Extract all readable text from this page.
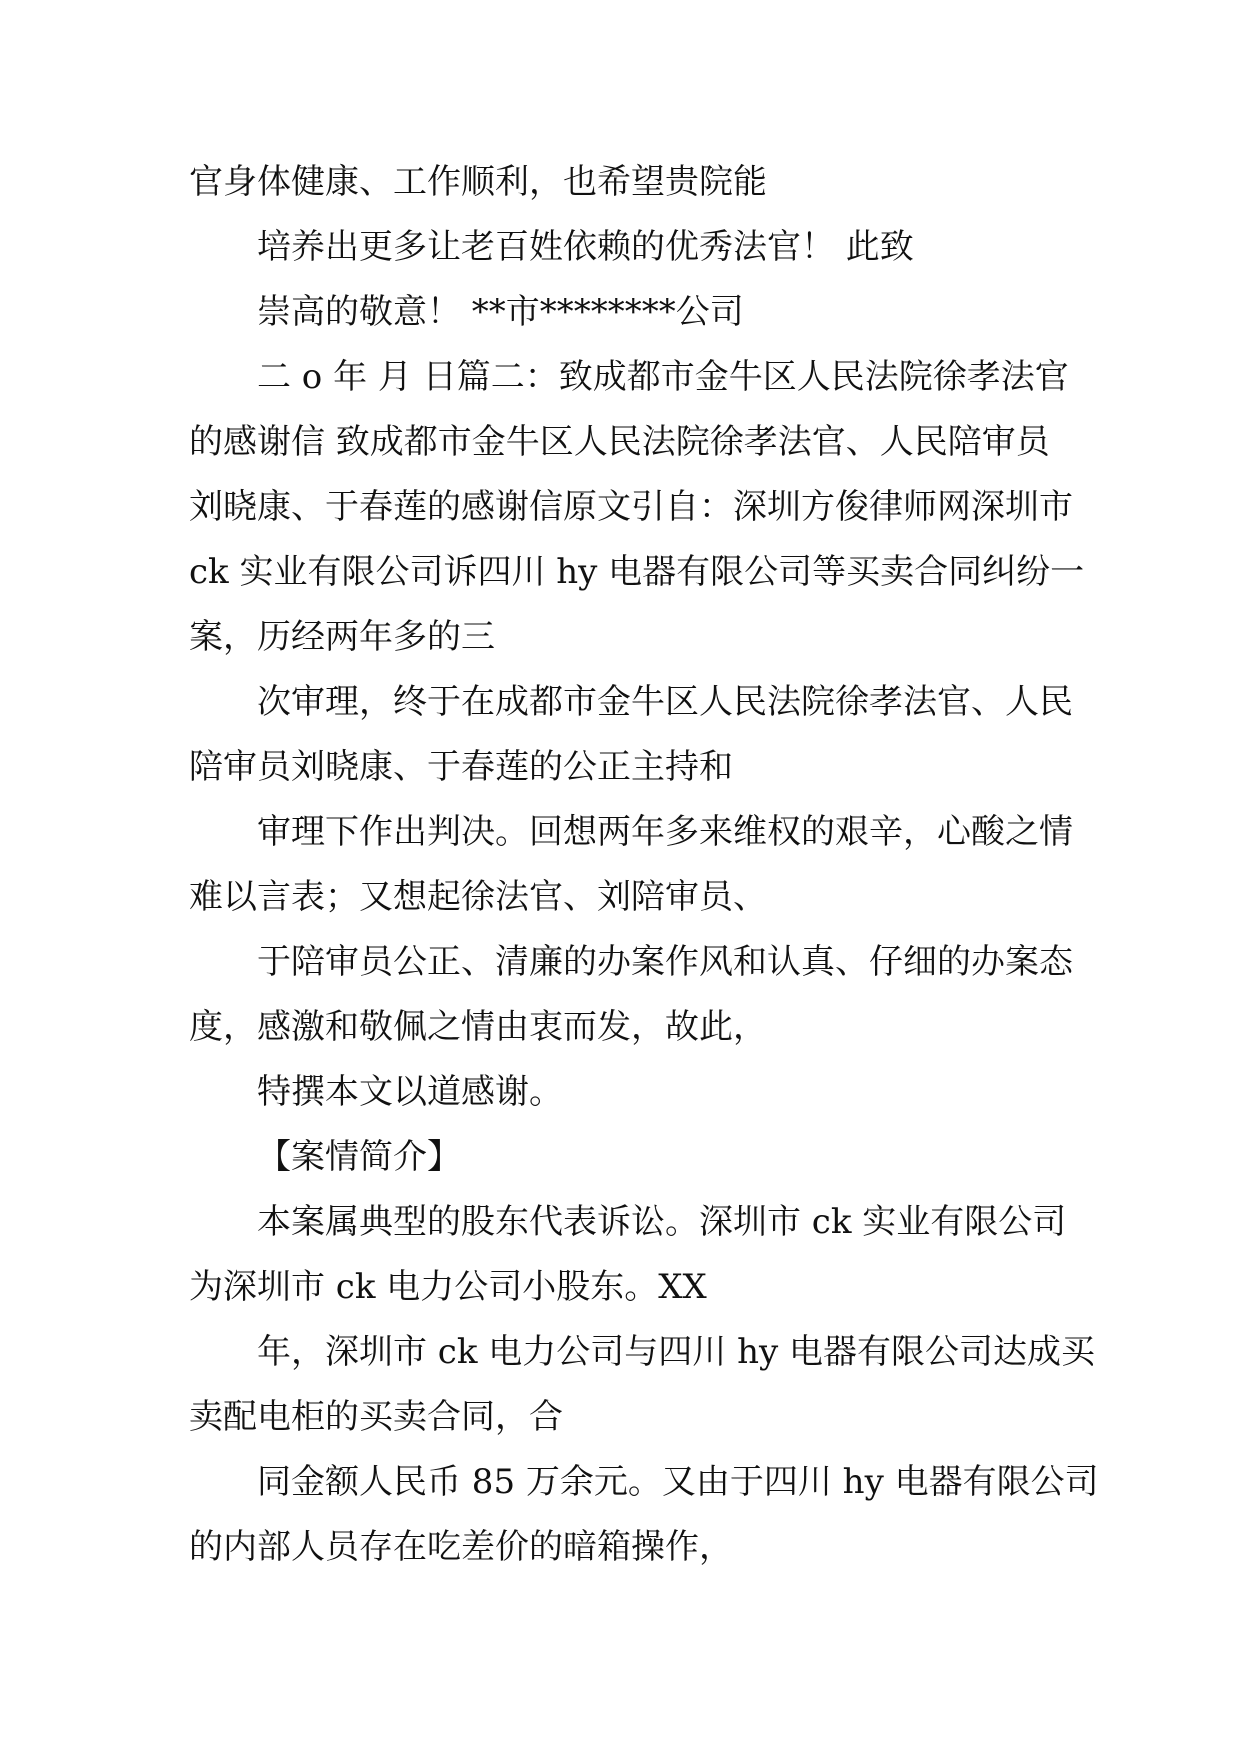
官身体健康、工作顺利，也希望贵院能
培养出更多让老百姓依赖的优秀法官！ 此致
崇高的敬意！ **市********公司
二 o 年 月 日篇二：致成都市金牛区人民法院徐孝法官
的感谢信 致成都市金牛区人民法院徐孝法官、人民陪审员
刘晓康、于春莲的感谢信原文引自：深圳方俊律师网深圳市
ck 实业有限公司诉四川 hy 电器有限公司等买卖合同纠纷一
案，历经两年多的三
次审理，终于在成都市金牛区人民法院徐孝法官、人民
陪审员刘晓康、于春莲的公正主持和
审理下作出判决。回想两年多来维权的艰辛，心酸之情
难以言表；又想起徐法官、刘陪审员、
于陪审员公正、清廉的办案作风和认真、仔细的办案态
度，感激和敬佩之情由衷而发，故此，
特撰本文以道感谢。
【案情简介】
本案属典型的股东代表诉讼。深圳市 ck 实业有限公司
为深圳市 ck 电力公司小股东。XX
年，深圳市 ck 电力公司与四川 hy 电器有限公司达成买
卖配电柜的买卖合同，合
同金额人民币 85 万余元。又由于四川 hy 电器有限公司
的内部人员存在吃差价的暗箱操作，
